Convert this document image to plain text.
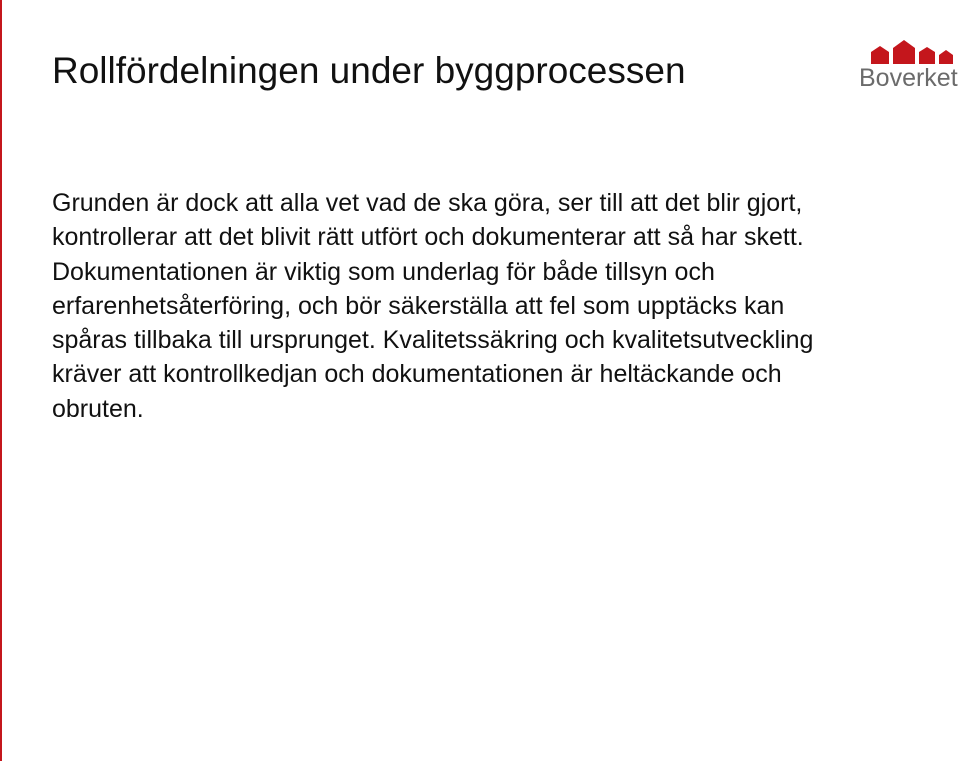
Rollfördelningen under byggprocessen	Boverket

Grunden är dock att alla vet vad de ska göra, ser till att det blir gjort,
kontrollerar att det blivit rätt utfört och dokumenterar att så har skett.
Dokumentationen är viktig som underlag för både tillsyn och
erfarenhetsåterföring, och bör säkerställa att fel som upptäcks kan
spåras tillbaka till ursprunget. Kvalitetssäkring och kvalitetsutveckling
kräver att kontrollkedjan och dokumentationen är heltäckande och
obruten.
